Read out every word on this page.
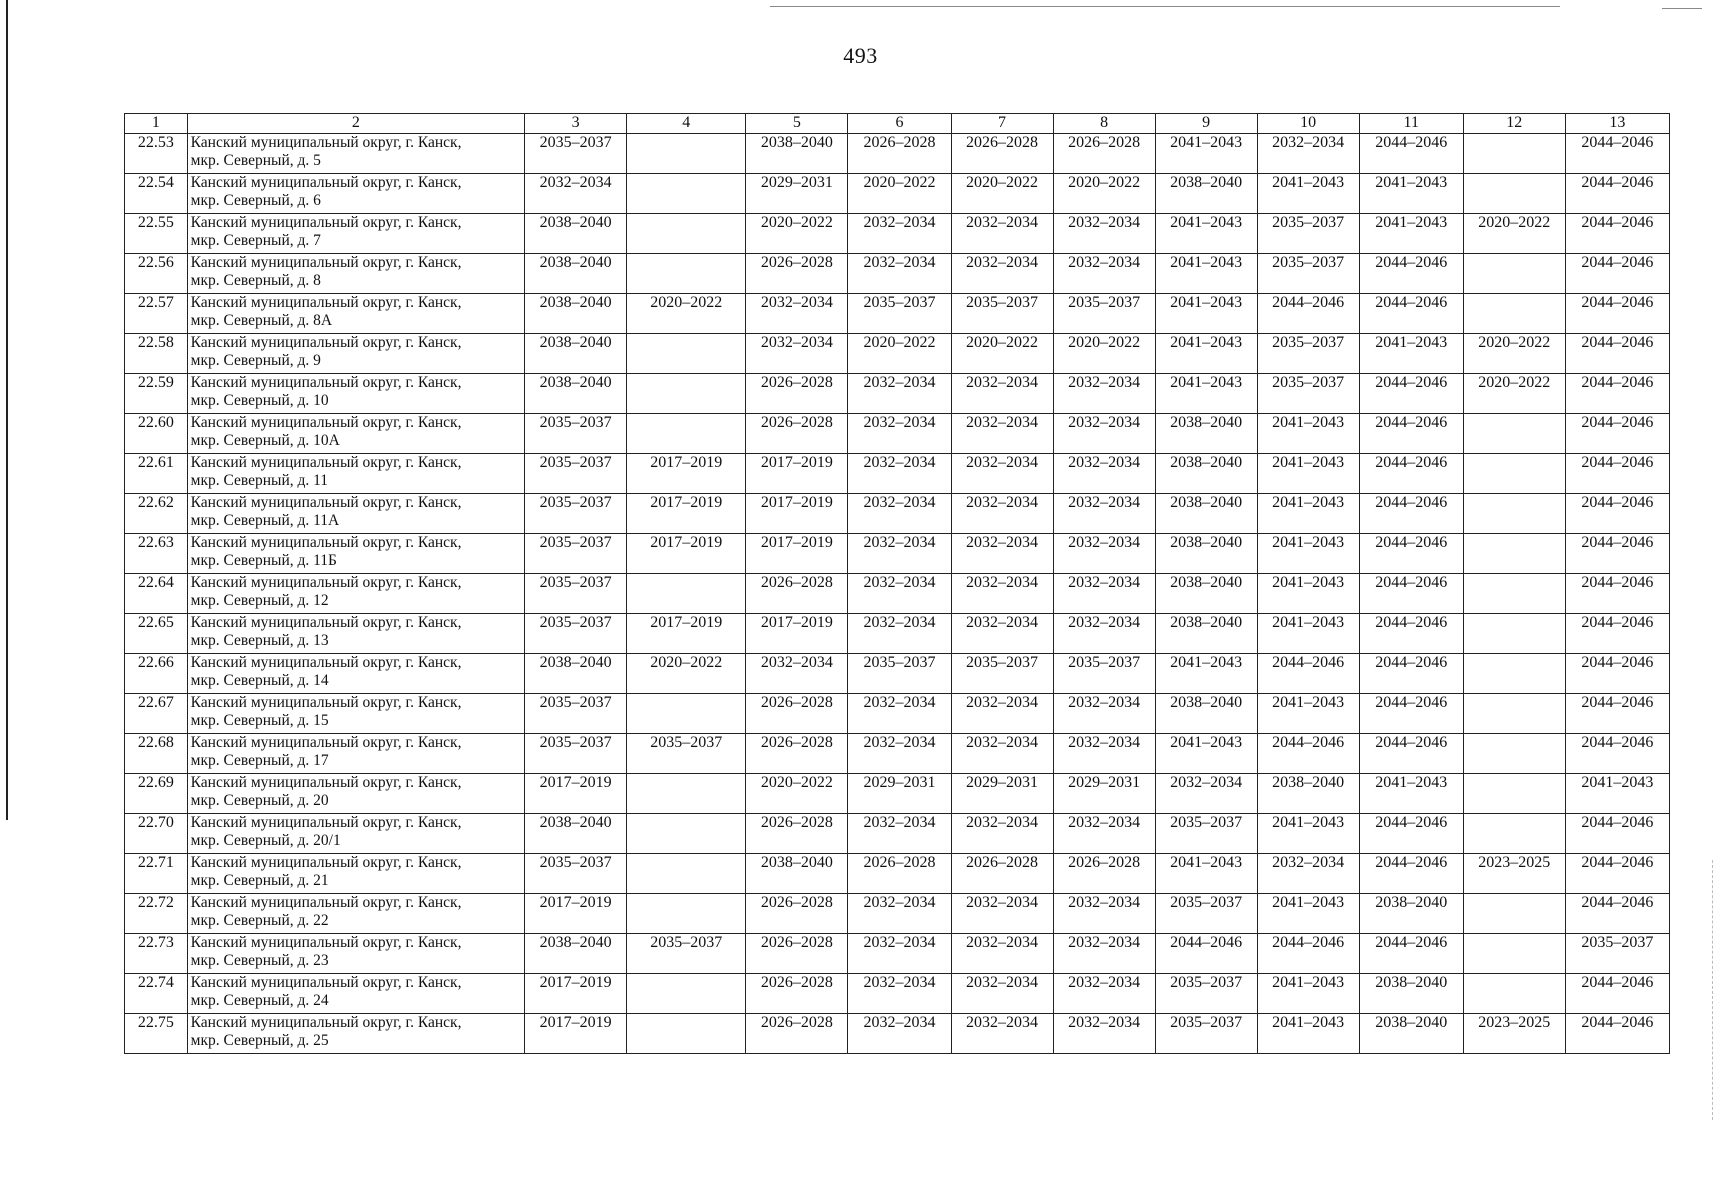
493
1	2	3	4	5	6	7	8	9	10	11	12	13
22.53	Канский муниципальный округ, г. Канск,
мкр. Северный, д. 5	2035–2037		2038–2040	2026–2028	2026–2028	2026–2028	2041–2043	2032–2034	2044–2046		2044–2046
22.54	Канский муниципальный округ, г. Канск,
мкр. Северный, д. 6	2032–2034		2029–2031	2020–2022	2020–2022	2020–2022	2038–2040	2041–2043	2041–2043		2044–2046
22.55	Канский муниципальный округ, г. Канск,
мкр. Северный, д. 7	2038–2040		2020–2022	2032–2034	2032–2034	2032–2034	2041–2043	2035–2037	2041–2043	2020–2022	2044–2046
22.56	Канский муниципальный округ, г. Канск,
мкр. Северный, д. 8	2038–2040		2026–2028	2032–2034	2032–2034	2032–2034	2041–2043	2035–2037	2044–2046		2044–2046
22.57	Канский муниципальный округ, г. Канск,
мкр. Северный, д. 8А	2038–2040	2020–2022	2032–2034	2035–2037	2035–2037	2035–2037	2041–2043	2044–2046	2044–2046		2044–2046
22.58	Канский муниципальный округ, г. Канск,
мкр. Северный, д. 9	2038–2040		2032–2034	2020–2022	2020–2022	2020–2022	2041–2043	2035–2037	2041–2043	2020–2022	2044–2046
22.59	Канский муниципальный округ, г. Канск,
мкр. Северный, д. 10	2038–2040		2026–2028	2032–2034	2032–2034	2032–2034	2041–2043	2035–2037	2044–2046	2020–2022	2044–2046
22.60	Канский муниципальный округ, г. Канск,
мкр. Северный, д. 10А	2035–2037		2026–2028	2032–2034	2032–2034	2032–2034	2038–2040	2041–2043	2044–2046		2044–2046
22.61	Канский муниципальный округ, г. Канск,
мкр. Северный, д. 11	2035–2037	2017–2019	2017–2019	2032–2034	2032–2034	2032–2034	2038–2040	2041–2043	2044–2046		2044–2046
22.62	Канский муниципальный округ, г. Канск,
мкр. Северный, д. 11А	2035–2037	2017–2019	2017–2019	2032–2034	2032–2034	2032–2034	2038–2040	2041–2043	2044–2046		2044–2046
22.63	Канский муниципальный округ, г. Канск,
мкр. Северный, д. 11Б	2035–2037	2017–2019	2017–2019	2032–2034	2032–2034	2032–2034	2038–2040	2041–2043	2044–2046		2044–2046
22.64	Канский муниципальный округ, г. Канск,
мкр. Северный, д. 12	2035–2037		2026–2028	2032–2034	2032–2034	2032–2034	2038–2040	2041–2043	2044–2046		2044–2046
22.65	Канский муниципальный округ, г. Канск,
мкр. Северный, д. 13	2035–2037	2017–2019	2017–2019	2032–2034	2032–2034	2032–2034	2038–2040	2041–2043	2044–2046		2044–2046
22.66	Канский муниципальный округ, г. Канск,
мкр. Северный, д. 14	2038–2040	2020–2022	2032–2034	2035–2037	2035–2037	2035–2037	2041–2043	2044–2046	2044–2046		2044–2046
22.67	Канский муниципальный округ, г. Канск,
мкр. Северный, д. 15	2035–2037		2026–2028	2032–2034	2032–2034	2032–2034	2038–2040	2041–2043	2044–2046		2044–2046
22.68	Канский муниципальный округ, г. Канск,
мкр. Северный, д. 17	2035–2037	2035–2037	2026–2028	2032–2034	2032–2034	2032–2034	2041–2043	2044–2046	2044–2046		2044–2046
22.69	Канский муниципальный округ, г. Канск,
мкр. Северный, д. 20	2017–2019		2020–2022	2029–2031	2029–2031	2029–2031	2032–2034	2038–2040	2041–2043		2041–2043
22.70	Канский муниципальный округ, г. Канск,
мкр. Северный, д. 20/1	2038–2040		2026–2028	2032–2034	2032–2034	2032–2034	2035–2037	2041–2043	2044–2046		2044–2046
22.71	Канский муниципальный округ, г. Канск,
мкр. Северный, д. 21	2035–2037		2038–2040	2026–2028	2026–2028	2026–2028	2041–2043	2032–2034	2044–2046	2023–2025	2044–2046
22.72	Канский муниципальный округ, г. Канск,
мкр. Северный, д. 22	2017–2019		2026–2028	2032–2034	2032–2034	2032–2034	2035–2037	2041–2043	2038–2040		2044–2046
22.73	Канский муниципальный округ, г. Канск,
мкр. Северный, д. 23	2038–2040	2035–2037	2026–2028	2032–2034	2032–2034	2032–2034	2044–2046	2044–2046	2044–2046		2035–2037
22.74	Канский муниципальный округ, г. Канск,
мкр. Северный, д. 24	2017–2019		2026–2028	2032–2034	2032–2034	2032–2034	2035–2037	2041–2043	2038–2040		2044–2046
22.75	Канский муниципальный округ, г. Канск,
мкр. Северный, д. 25	2017–2019		2026–2028	2032–2034	2032–2034	2032–2034	2035–2037	2041–2043	2038–2040	2023–2025	2044–2046
